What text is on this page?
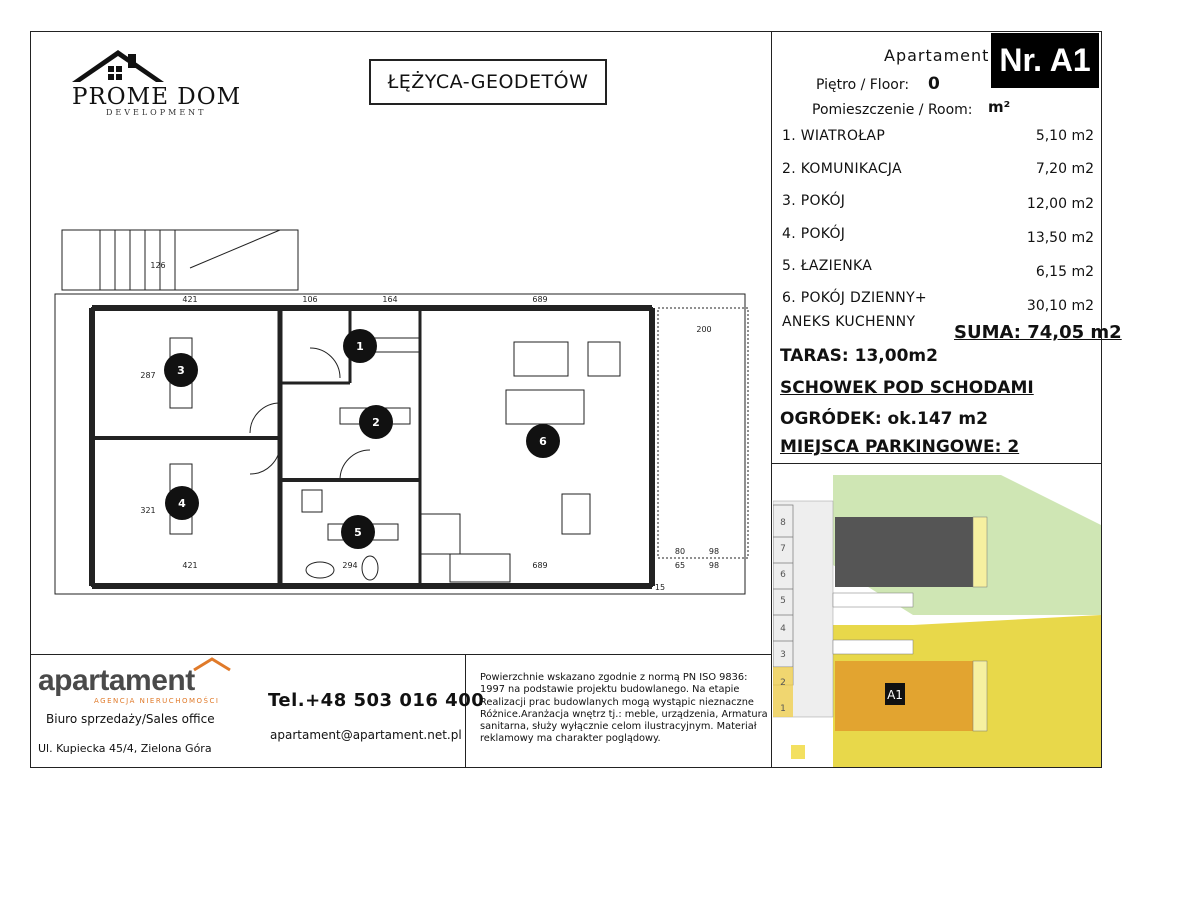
PROME DOM
DEVELOPMENT
ŁĘŻYCA-GEODETÓW
1
2
3
4
5
6
421	106	164	689
421	294	689
287
321
126
200
80	98
98
65
15
Apartament Nr. A1
Piętro / Floor: 0
Pomieszczenie / Room: m²
1. WIATROŁAP	5,10 m2
2. KOMUNIKACJA	7,20 m2
3. POKÓJ	12,00 m2
4. POKÓJ	13,50 m2
5. ŁAZIENKA	6,15 m2
6. POKÓJ DZIENNY+
ANEKS KUCHENNY
30,10 m2
SUMA: 74,05 m2
TARAS: 13,00m2
SCHOWEK POD SCHODAMI
OGRÓDEK: ok.147 m2
MIEJSCA PARKINGOWE: 2
A1
8
7
6
5
4
3
2
1
apartament
AGENCJA NIERUCHOMOŚCI
Biuro sprzedaży/Sales office
Ul. Kupiecka 45/4, Zielona Góra
Tel.+48 503 016 400
apartament@apartament.net.pl
Powierzchnie wskazano zgodnie z normą PN ISO 9836: 1997 na podstawie projektu budowlanego. Na etapie Realizacji prac budowlanych mogą wystąpic nieznaczne Różnice.Aranżacja wnętrz tj.: meble, urządzenia, Armatura sanitarna, służy wyłącznie celom ilustracyjnym. Materiał reklamowy ma charakter poglądowy.
